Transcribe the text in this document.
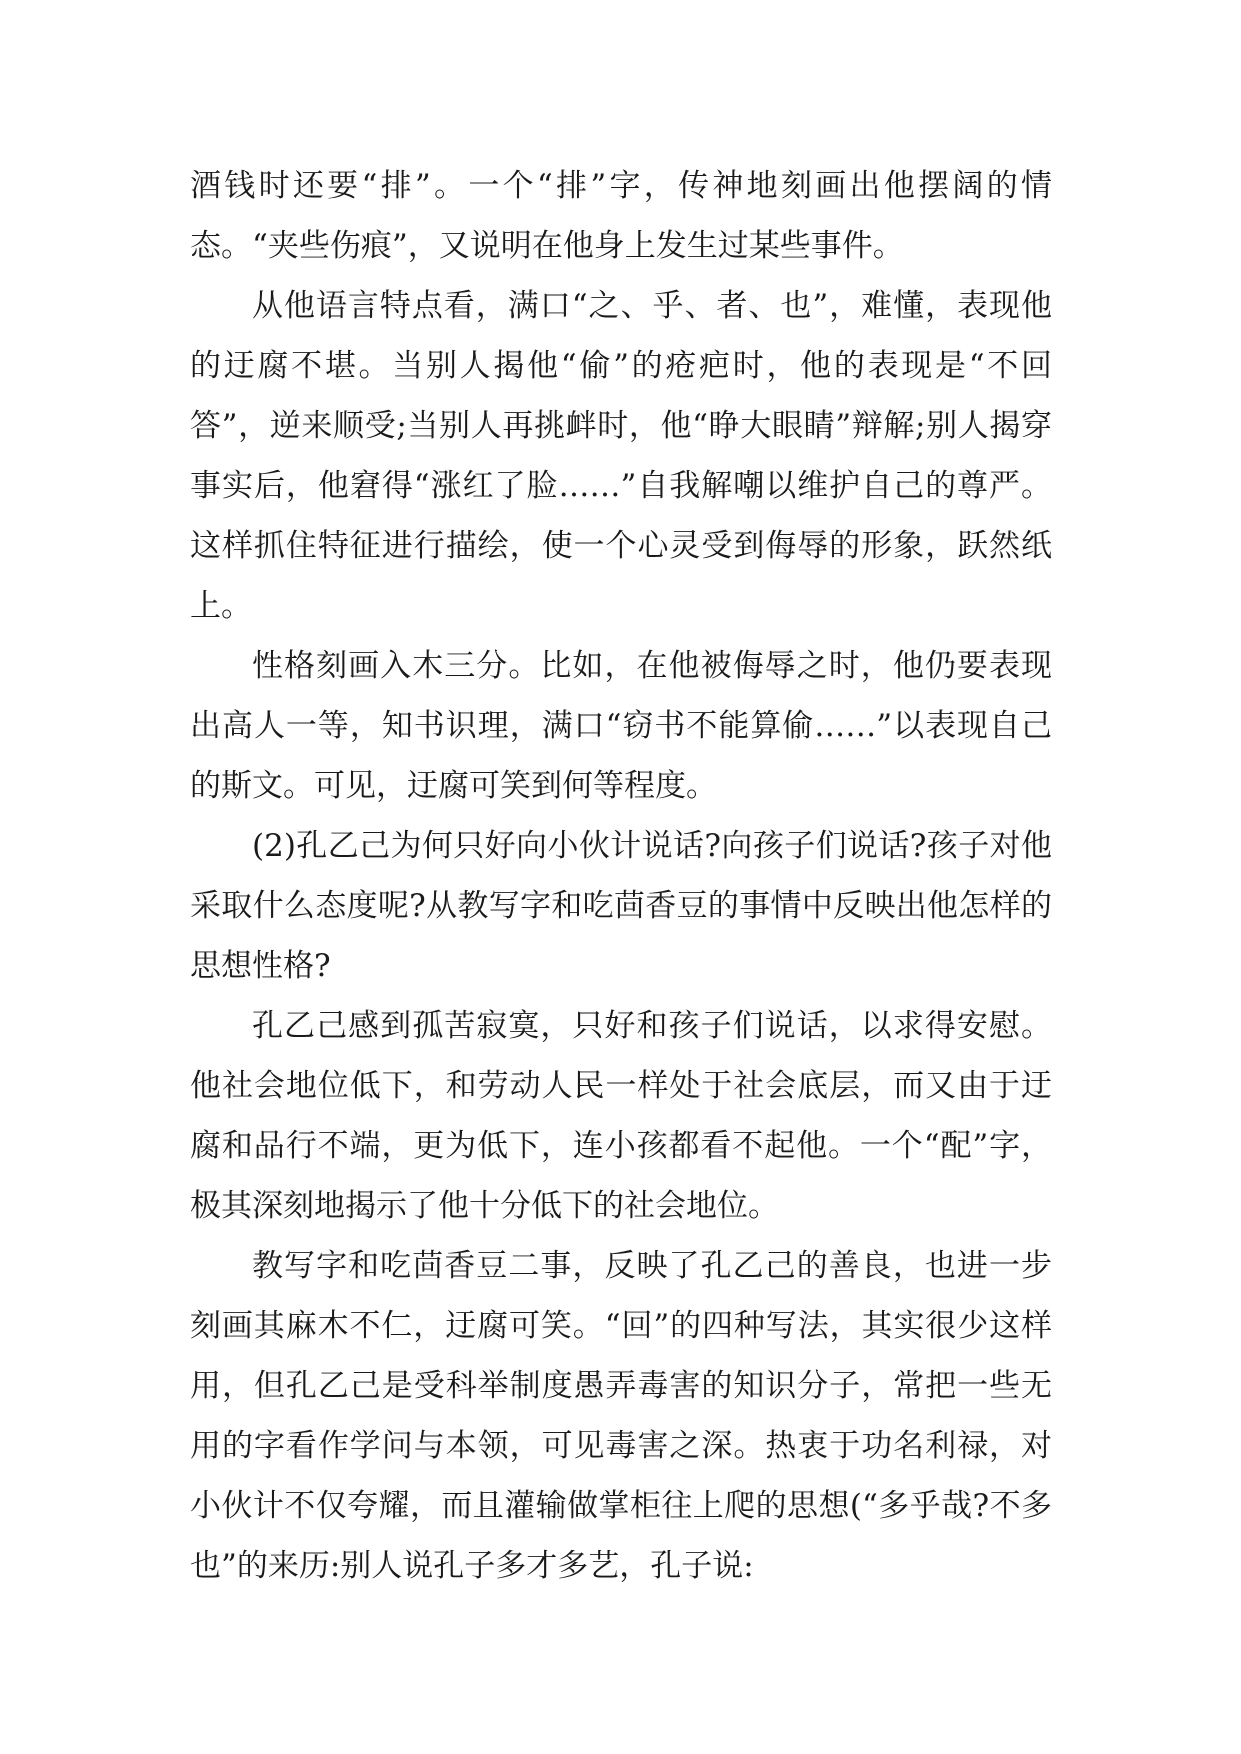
酒钱时还要“排”。一个“排”字，传神地刻画出他摆阔的情态。“夹些伤痕”，又说明在他身上发生过某些事件。

从他语言特点看，满口“之、乎、者、也”，难懂，表现他的迂腐不堪。当别人揭他“偷”的疮疤时，他的表现是“不回答”，逆来顺受;当别人再挑衅时，他“睁大眼睛”辩解;别人揭穿事实后，他窘得“涨红了脸……”自我解嘲以维护自己的尊严。这样抓住特征进行描绘，使一个心灵受到侮辱的形象，跃然纸上。

性格刻画入木三分。比如，在他被侮辱之时，他仍要表现出高人一等，知书识理，满口“窃书不能算偷……”以表现自己的斯文。可见，迂腐可笑到何等程度。

(2)孔乙己为何只好向小伙计说话?向孩子们说话?孩子对他采取什么态度呢?从教写字和吃茴香豆的事情中反映出他怎样的思想性格?

孔乙己感到孤苦寂寞，只好和孩子们说话，以求得安慰。他社会地位低下，和劳动人民一样处于社会底层，而又由于迂腐和品行不端，更为低下，连小孩都看不起他。一个“配”字，极其深刻地揭示了他十分低下的社会地位。

教写字和吃茴香豆二事，反映了孔乙己的善良，也进一步刻画其麻木不仁，迂腐可笑。“回”的四种写法，其实很少这样用，但孔乙己是受科举制度愚弄毒害的知识分子，常把一些无用的字看作学问与本领，可见毒害之深。热衷于功名利禄，对小伙计不仅夸耀，而且灌输做掌柜往上爬的思想(“多乎哉?不多也”的来历:别人说孔子多才多艺，孔子说:
